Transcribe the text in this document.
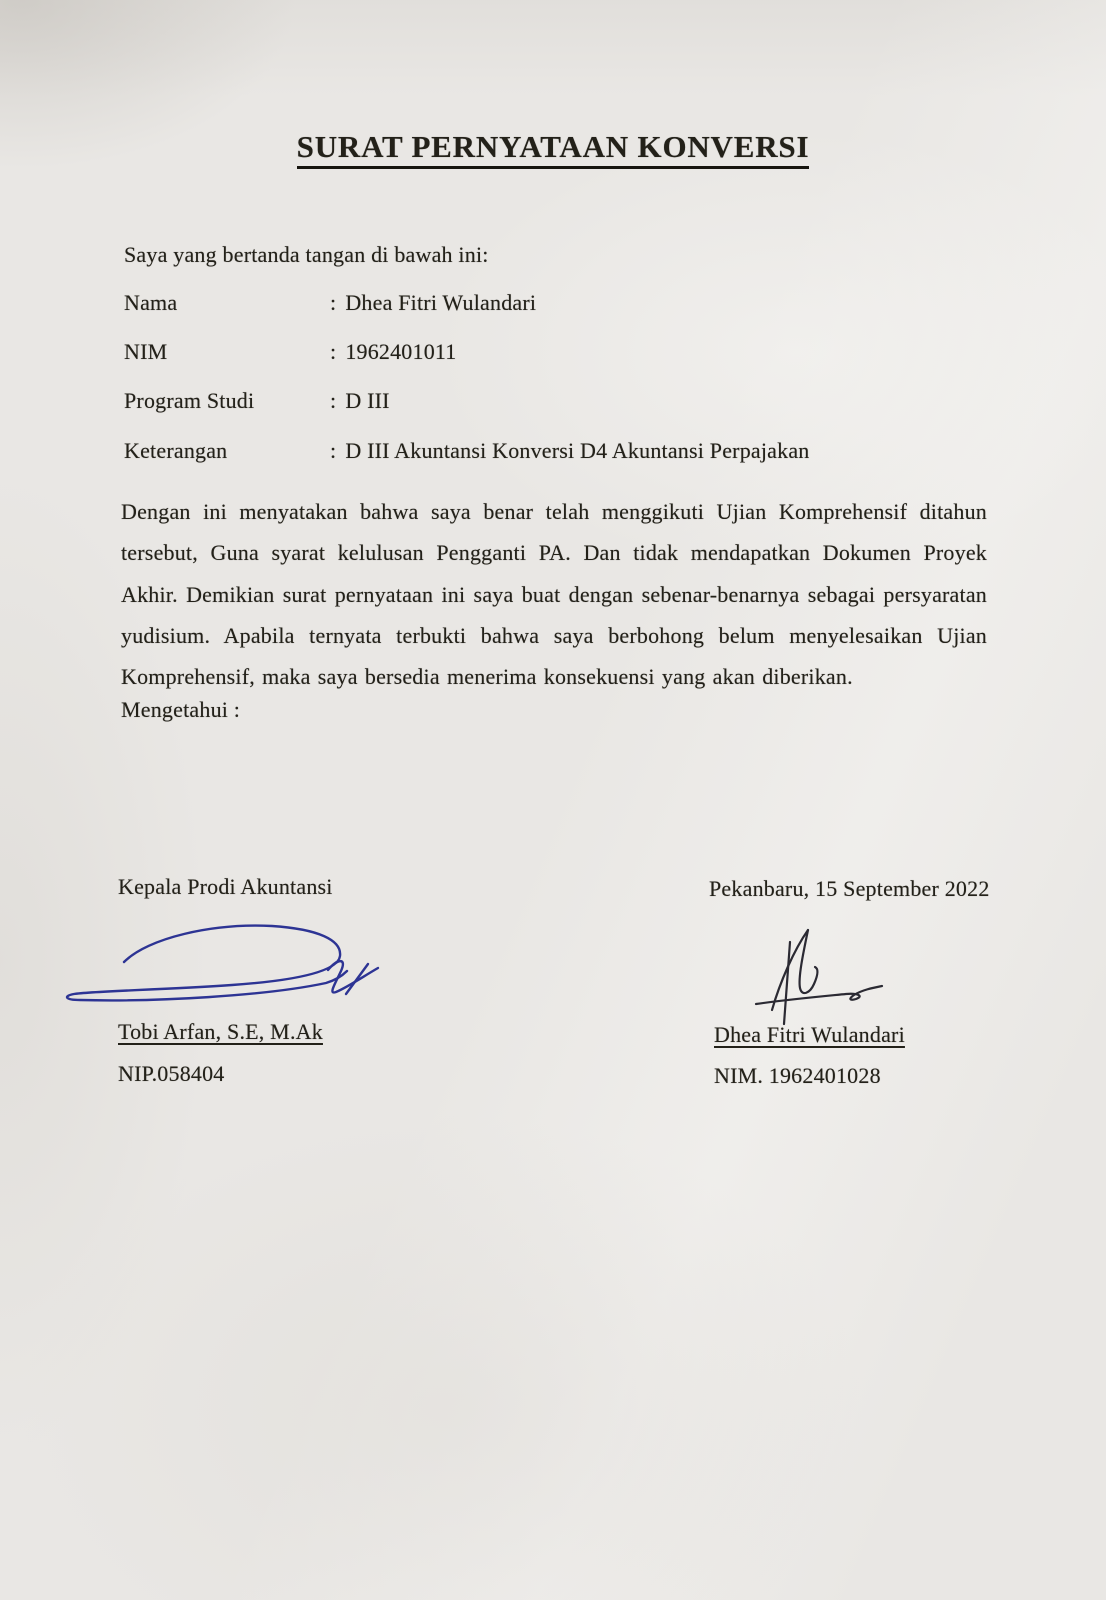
SURAT PERNYATAAN KONVERSI
Saya yang bertanda tangan di bawah ini:
Nama	: Dhea Fitri Wulandari
NIM	: 1962401011
Program Studi	: D III
Keterangan	: D III Akuntansi Konversi D4 Akuntansi Perpajakan
Dengan ini menyatakan bahwa saya benar telah menggikuti Ujian Komprehensif ditahun tersebut, Guna syarat kelulusan Pengganti PA. Dan tidak mendapatkan Dokumen Proyek Akhir. Demikian surat pernyataan ini saya buat dengan sebenar-benarnya sebagai persyaratan yudisium. Apabila ternyata terbukti bahwa saya berbohong belum menyelesaikan Ujian Komprehensif, maka saya bersedia menerima konsekuensi yang akan diberikan.
Mengetahui :
Kepala Prodi Akuntansi
Tobi Arfan, S.E, M.Ak
NIP.058404
Pekanbaru, 15 September 2022
Dhea Fitri Wulandari
NIM. 1962401028
